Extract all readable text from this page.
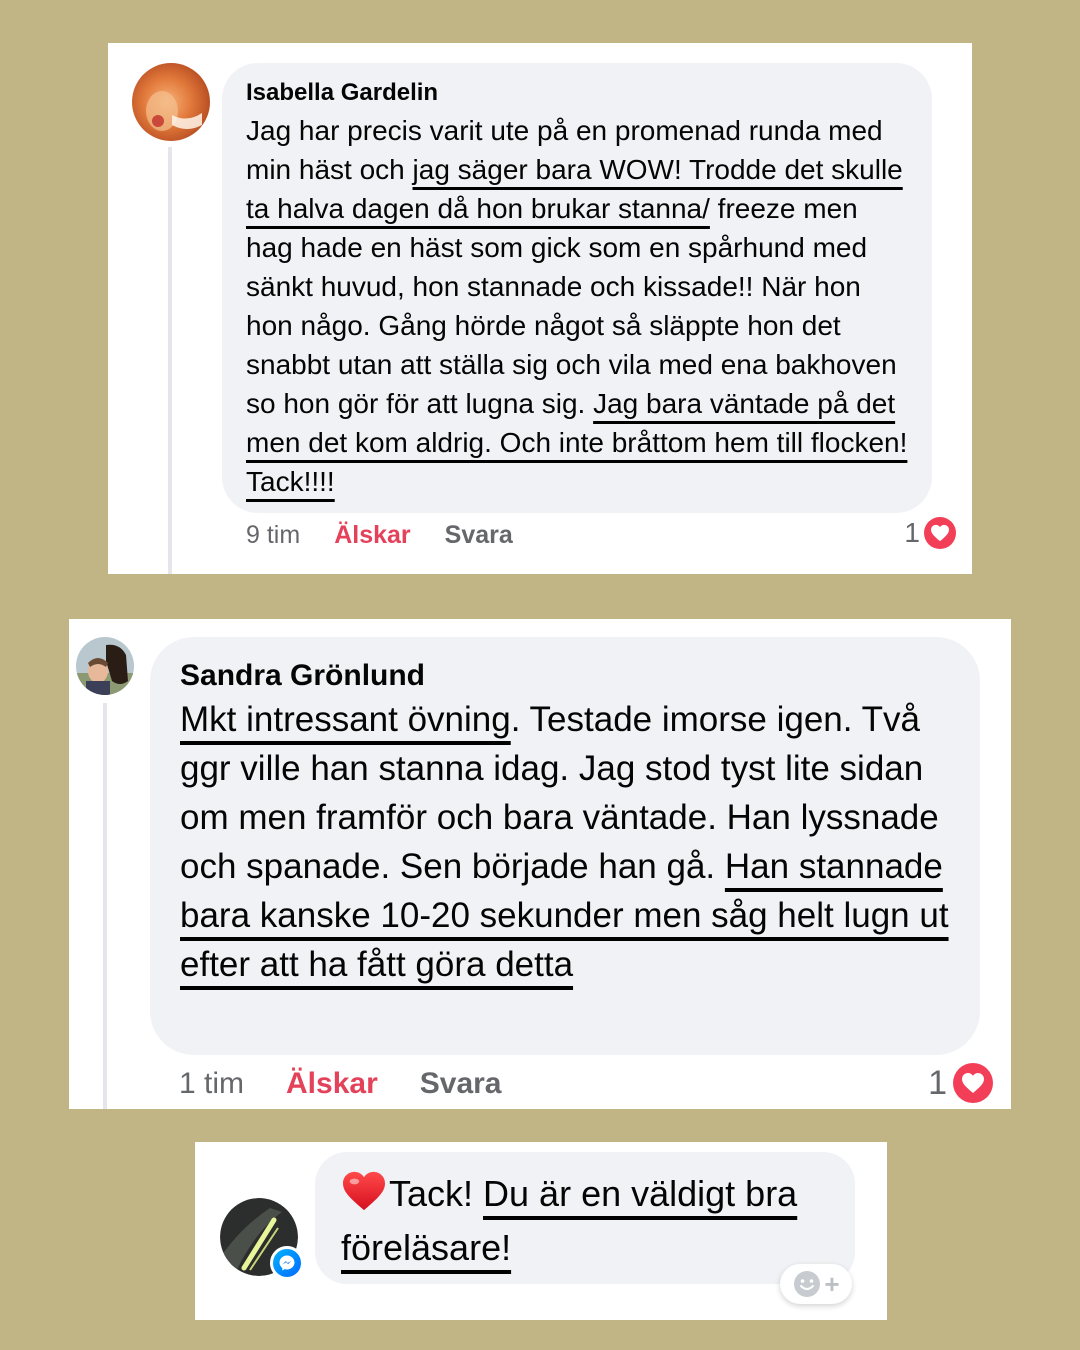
Isabella Gardelin
Jag har precis varit ute på en promenad runda med min häst och jag säger bara WOW! Trodde det skulle ta halva dagen då hon brukar stanna/ freeze men hag hade en häst som gick som en spårhund med sänkt huvud, hon stannade och kissade!! När hon hon någo. Gång hörde något så släppte hon det snabbt utan att ställa sig och vila med ena bakhoven so hon gör för att lugna sig. Jag bara väntade på det men det kom aldrig. Och inte bråttom hem till flocken! Tack!!!!
9 tim Älskar Svara	1
Sandra Grönlund
Mkt intressant övning. Testade imorse igen. Två ggr ville han stanna idag. Jag stod tyst lite sidan om men framför och bara väntade. Han lyssnade och spanade. Sen började han gå. Han stannade bara kanske 10-20 sekunder men såg helt lugn ut efter att ha fått göra detta
1 tim Älskar Svara	1
Tack! Du är en väldigt bra föreläsare!
+
